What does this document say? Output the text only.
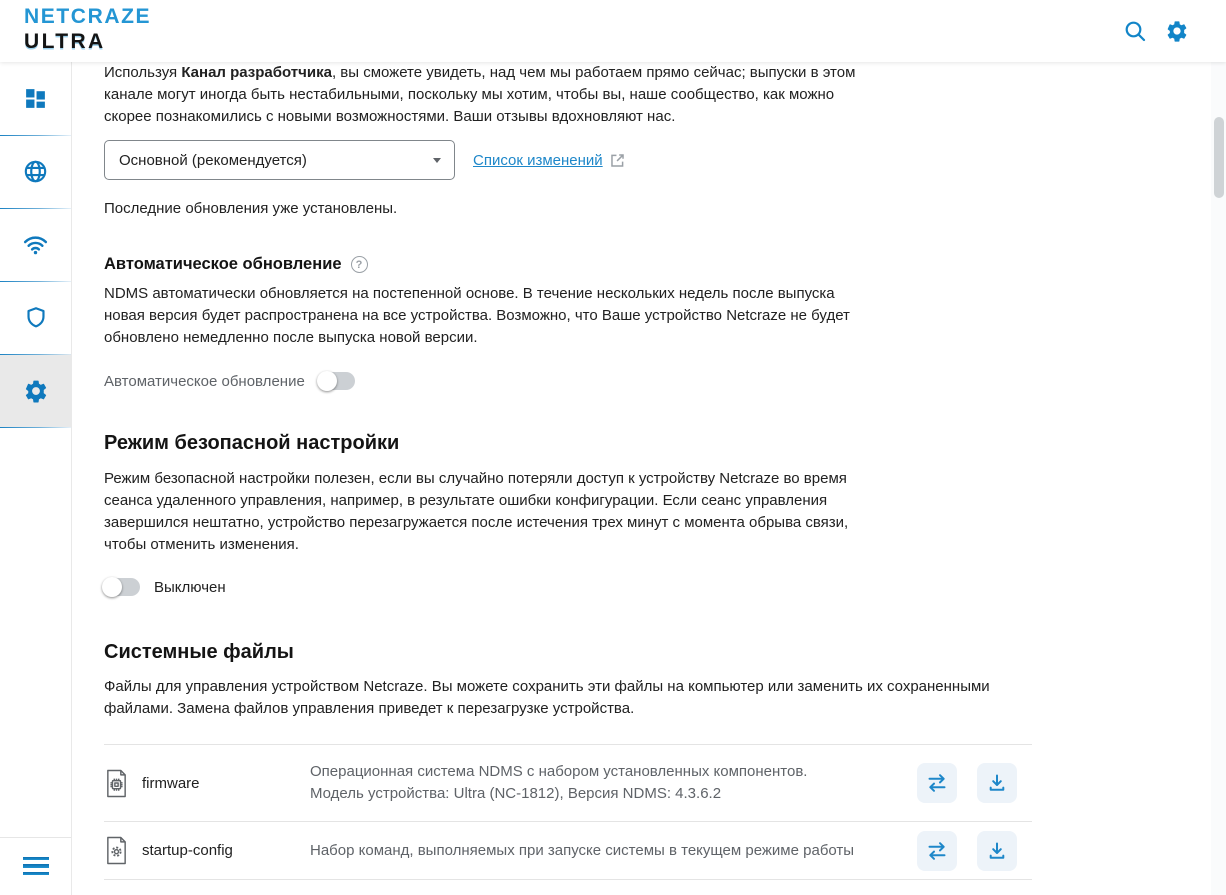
NETCRAZE
ULTRA

Используя Канал разработчика, вы сможете увидеть, над чем мы работаем прямо сейчас; выпуски в этом канале могут иногда быть нестабильными, поскольку мы хотим, чтобы вы, наше сообщество, как можно скорее познакомились с новыми возможностями. Ваши отзывы вдохновляют нас.

Основной (рекомендуется)	Список изменений
Последние обновления уже установлены.
Автоматическое обновление
?

NDMS автоматически обновляется на постепенной основе. В течение нескольких недель после выпуска новая версия будет распространена на все устройства. Возможно, что Ваше устройство Netcraze не будет обновлено немедленно после выпуска новой версии.

Автоматическое обновление
Режим безопасной настройки

Режим безопасной настройки полезен, если вы случайно потеряли доступ к устройству Netcraze во время сеанса удаленного управления, например, в результате ошибки конфигурации. Если сеанс управления завершился нештатно, устройство перезагружается после истечения трех минут с момента обрыва связи, чтобы отменить изменения.

Выключен
Системные файлы

Файлы для управления устройством Netcraze. Вы можете сохранить эти файлы на компьютер или заменить их сохраненными файлами. Замена файлов управления приведет к перезагрузке устройства.

firmware
Операционная система NDMS с набором установленных компонентов.
Модель устройства: Ultra (NC-1812), Версия NDMS: 4.3.6.2
startup-config	Набор команд, выполняемых при запуске системы в текущем режиме работы
